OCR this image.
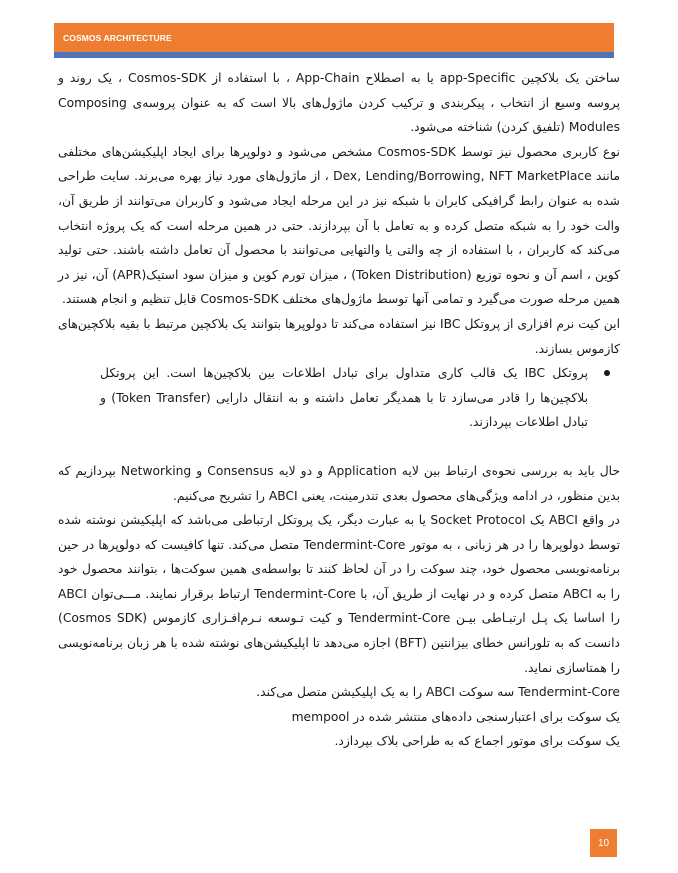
COSMOS ARCHITECTURE

ساختن یک بلاکچین app-Specific یا به اصطلاح App-Chain ، با استفاده از Cosmos-SDK ، یک روند و پروسه وسیع از انتخاب ، پیکربندی و ترکیب کردن ماژول‌های بالا است که به عنوان پروسه‌ی Composing Modules (تلفیق کردن) شناخته می‌شود.

نوع کاربری محصول نیز توسط Cosmos-SDK مشخص می‌شود و دولوپرها برای ایجاد اپلیکیشن‌های مختلفی مانند Dex, Lending/Borrowing, NFT MarketPlace ، از ماژول‌های مورد نیاز بهره می‌برند. سایت طراحی شده به عنوان رابط گرافیکی کابران با شبکه نیز در این مرحله ایجاد می‌شود و کاربران می‌توانند از طریق آن، والت خود را به شبکه متصل کرده و به تعامل با آن بپردازند. حتی در همین مرحله است که یک پروژه انتخاب می‌کند که کاربران ، با استفاده از چه والتی یا والتهایی می‌توانند با محصول آن تعامل داشته باشند. حتی تولید کوین ، اسم آن و نحوه توزیع (Token Distribution) ، میزان تورم کوین و میزان سود استیک(APR) آن، نیز در همین مرحله صورت می‌گیرد و تمامی آنها توسط ماژول‌های مختلف Cosmos-SDK قابل تنظیم و انجام هستند.

این کیت نرم افزاری از پروتکل IBC نیز استفاده می‌کند تا دولوپرها بتوانند یک بلاکچین مرتبط با بقیه بلاکچین‌های کازموس بسازند.

پروتکل IBC یک قالب کاری متداول برای تبادل اطلاعات بین بلاکچین‌ها است. این پروتکل بلاکچین‌ها را قادر می‌سازد تا با همدیگر تعامل داشته و به انتقال دارایی (Token Transfer) و تبادل اطلاعات بپردازند.

حال باید به بررسی نحوه‌ی ارتباط بین لایه Application و دو لایه Consensus و Networking بپردازیم که بدین منظور، در ادامه ویژگی‌های محصول بعدی تندرمینت، یعنی ABCI را تشریح می‌کنیم.

در واقع ABCI یک Socket Protocol یا به عبارت دیگر، یک پروتکل ارتباطی می‌باشد که اپلیکیشن نوشته شده توسط دولوپرها را در هر زبانی ، به موتور Tendermint-Core متصل می‌کند. تنها کافیست که دولوپرها در حین برنامه‌نویسی محصول خود، چند سوکت را در آن لحاظ کنند تا بواسطه‌ی همین سوکت‌ها ، بتوانند محصول خود را به ABCI متصل کرده و در نهایت از طریق آن، با Tendermint-Core ارتباط برقرار نمایند. مـــی‌توان ABCI را اساسا یک پـل ارتبـاطی بیـن Tendermint-Core و کیت تـوسعه نـرم‌افـزاری کازموس (Cosmos SDK) دانست که به تلورانس خطای بیزانتین (BFT) اجازه می‌دهد تا اپلیکیشن‌های نوشته شده با هر زبان برنامه‌نویسی را همتاسازی نماید.

Tendermint-Core سه سوکت ABCI را به یک اپلیکیشن متصل می‌کند.

یک سوکت برای اعتبارسنجی داده‌های منتشر شده در mempool

یک سوکت برای موتور اجماع که به طراحی بلاک بپردازد.

10
